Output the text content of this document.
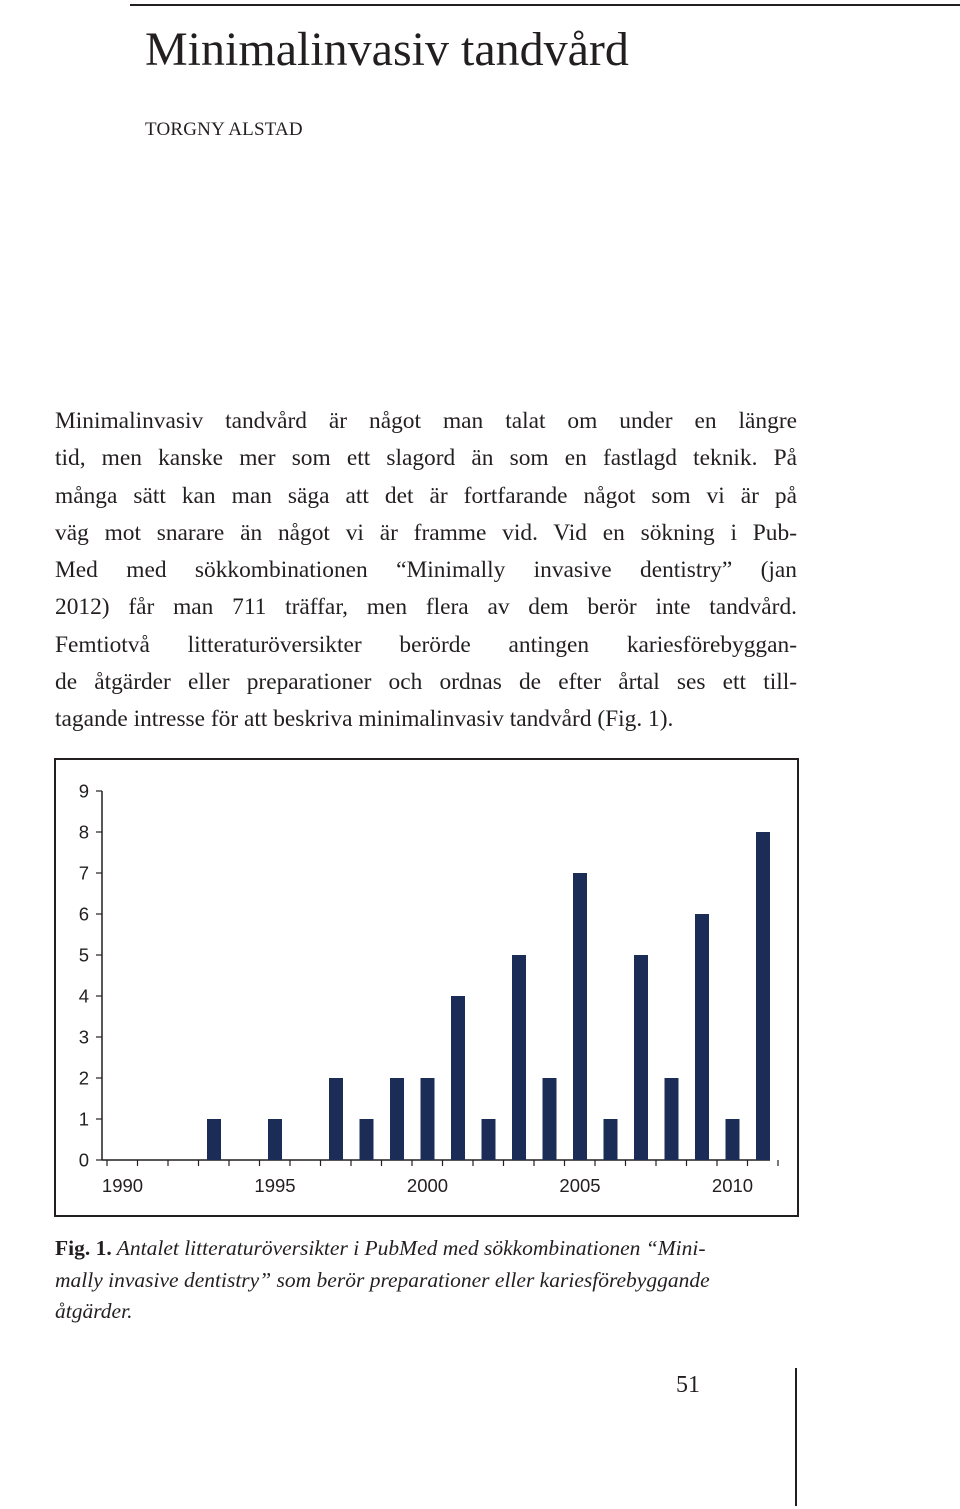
Minimalinvasiv tandvård
TORGNY ALSTAD
Minimalinvasiv tandvård är något man talat om under en längre
tid, men kanske mer som ett slagord än som en fastlagd teknik. På
många sätt kan man säga att det är fortfarande något som vi är på
väg mot snarare än något vi är framme vid. Vid en sökning i Pub-
Med med sökkombinationen “Minimally invasive dentistry” (jan
2012) får man 711 träffar, men flera av dem berör inte tandvård.
Femtiotvå litteraturöversikter berörde antingen kariesförebyggan-
de åtgärder eller preparationer och ordnas de efter årtal ses ett till-
tagande intresse för att beskriva minimalinvasiv tandvård (Fig. 1).
0
1
2
3
4
5
6
7
8
9
1990	1995	2000	2005	2010
Fig. 1. Antalet litteraturöversikter i PubMed med sökkombinationen “Mini-
mally invasive dentistry” som berör preparationer eller kariesförebyggande
åtgärder.
51
